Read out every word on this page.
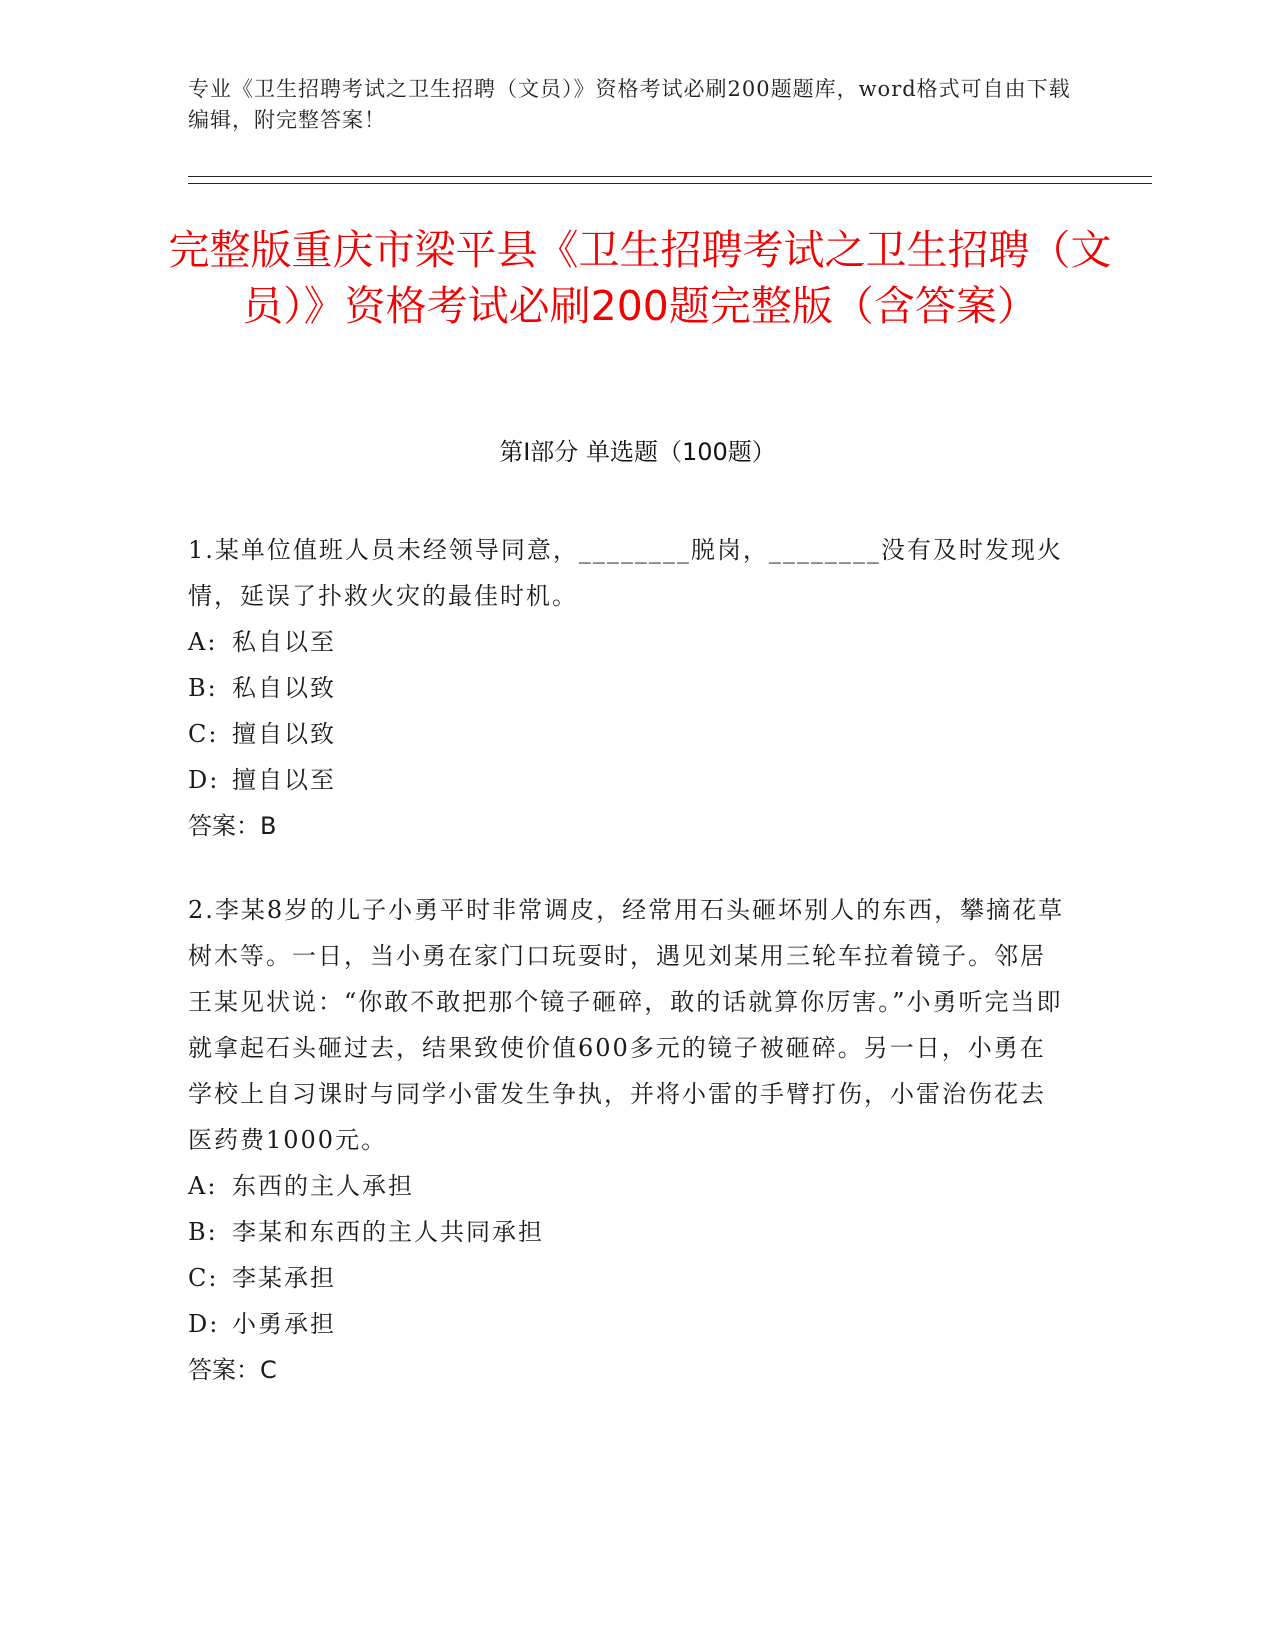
专业《卫生招聘考试之卫生招聘（文员）》资格考试必刷200题题库，word格式可自由下载编辑，附完整答案！
完整版重庆市梁平县《卫生招聘考试之卫生招聘（文员）》资格考试必刷200题完整版（含答案）
第I部分 单选题（100题）

1.某单位值班人员未经领导同意，________脱岗，________没有及时发现火情，延误了扑救火灾的最佳时机。

A: 私自以至

B: 私自以致

C: 擅自以致

D: 擅自以至

答案：B

2.李某8岁的儿子小勇平时非常调皮，经常用石头砸坏别人的东西，攀摘花草树木等。一日，当小勇在家门口玩耍时，遇见刘某用三轮车拉着镜子。邻居王某见状说：“你敢不敢把那个镜子砸碎，敢的话就算你厉害。”小勇听完当即就拿起石头砸过去，结果致使价值600多元的镜子被砸碎。另一日，小勇在学校上自习课时与同学小雷发生争执，并将小雷的手臂打伤，小雷治伤花去医药费1000元。

A: 东西的主人承担

B: 李某和东西的主人共同承担

C: 李某承担

D: 小勇承担

答案：C
